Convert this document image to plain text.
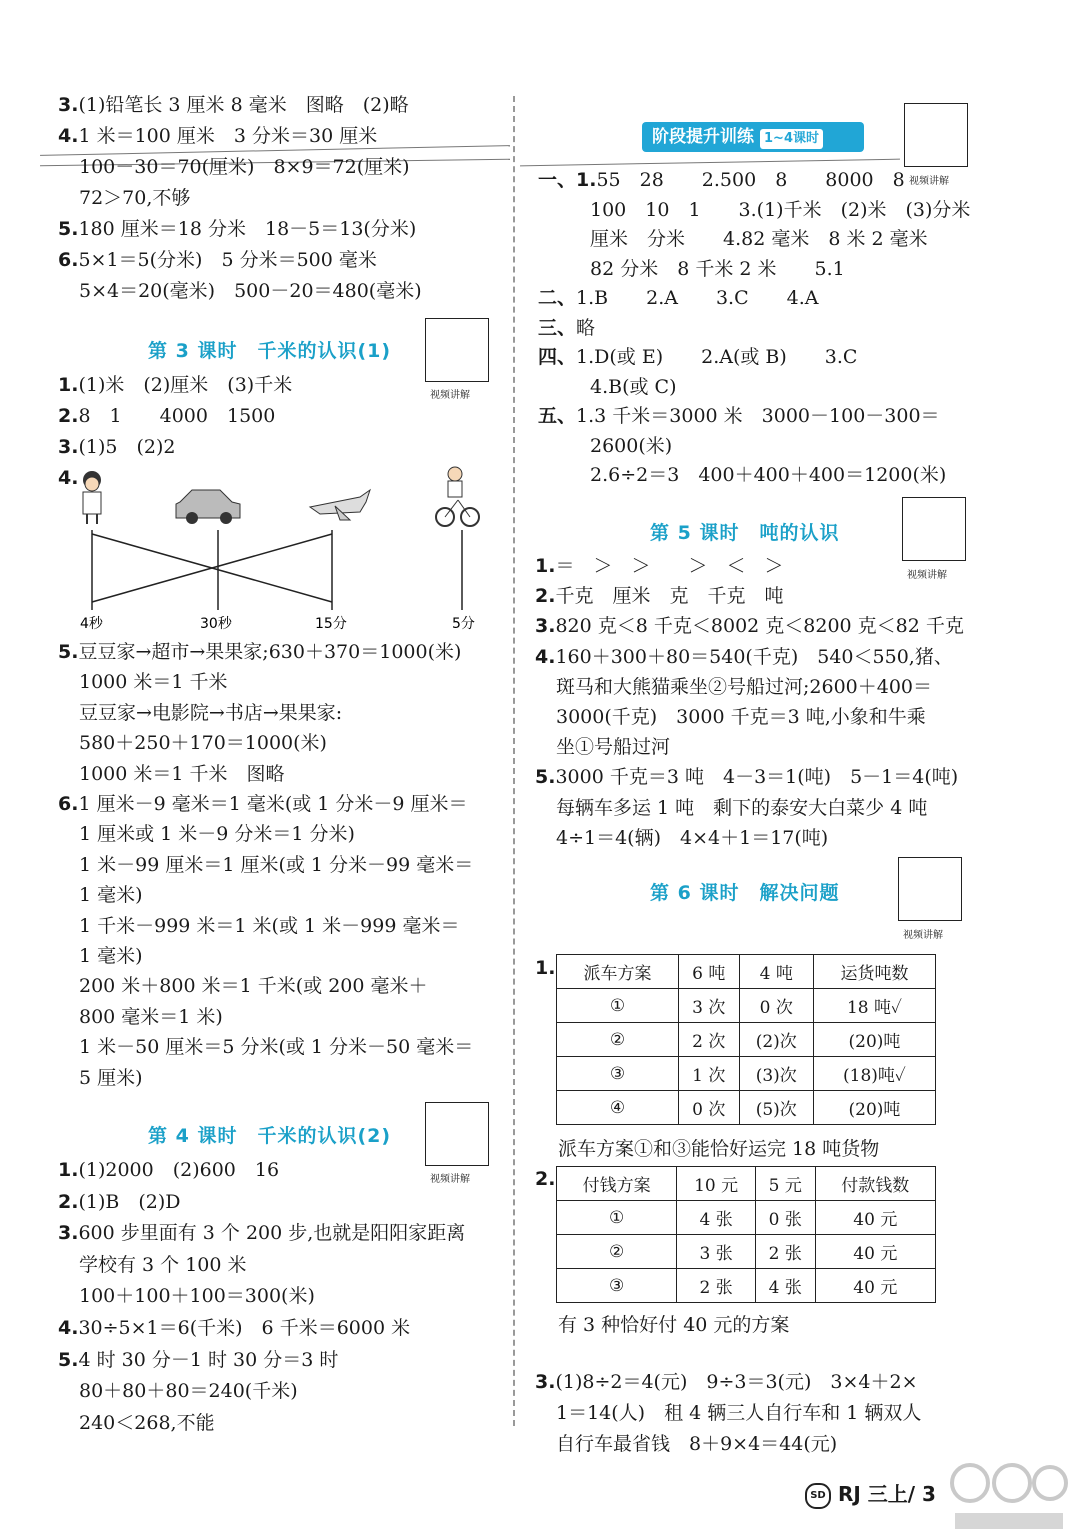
3.(1)铅笔长 3 厘米 8 毫米　图略　(2)略
4.1 米＝100 厘米　3 分米＝30 厘米
100－30＝70(厘米)　8×9＝72(厘米)
72＞70,不够
5.180 厘米＝18 分米　18－5＝13(分米)
6.5×1＝5(分米)　5 分米＝500 毫米
5×4＝20(毫米)　500－20＝480(毫米)
第 3 课时　千米的认识(1)
视频讲解
1.(1)米　(2)厘米　(3)千米
2.8　1　　4000　1500
3.(1)5　(2)2
4.
4秒	30秒	15分	5分
5.豆豆家→超市→果果家;630＋370＝1000(米)
1000 米＝1 千米
豆豆家→电影院→书店→果果家:
580＋250＋170＝1000(米)
1000 米＝1 千米　图略
6.1 厘米－9 毫米＝1 毫米(或 1 分米－9 厘米＝
1 厘米或 1 米－9 分米＝1 分米)
1 米－99 厘米＝1 厘米(或 1 分米－99 毫米＝
1 毫米)
1 千米－999 米＝1 米(或 1 米－999 毫米＝
1 毫米)
200 米＋800 米＝1 千米(或 200 毫米＋
800 毫米＝1 米)
1 米－50 厘米＝5 分米(或 1 分米－50 毫米＝
5 厘米)
第 4 课时　千米的认识(2)
视频讲解
1.(1)2000　(2)600　16
2.(1)B　(2)D
3.600 步里面有 3 个 200 步,也就是阳阳家距离
学校有 3 个 100 米
100＋100＋100＝300(米)
4.30÷5×1＝6(千米)　6 千米＝6000 米
5.4 时 30 分－1 时 30 分＝3 时
80＋80＋80＝240(千米)
240＜268,不能
阶段提升训练 1~4课时
视频讲解
一、1.55　28　　2.500　8　　8000　8
100　10　1　　3.(1)千米　(2)米　(3)分米
厘米　分米　　4.82 毫米　8 米 2 毫米
82 分米　8 千米 2 米　　5.1
二、1.B　　2.A　　3.C　　4.A
三、略
四、1.D(或 E)　　2.A(或 B)　　3.C
4.B(或 C)
五、1.3 千米＝3000 米　3000－100－300＝
2600(米)
2.6÷2＝3　400＋400＋400＝1200(米)
第 5 课时　吨的认识
视频讲解
1.＝　＞　＞　　＞　＜　＞
2.千克　厘米　克　千克　吨
3.820 克＜8 千克＜8002 克＜8200 克＜82 千克
4.160＋300＋80＝540(千克)　540＜550,猪、
斑马和大熊猫乘坐②号船过河;2600＋400＝
3000(千克)　3000 千克＝3 吨,小象和牛乘
坐①号船过河
5.3000 千克＝3 吨　4－3＝1(吨)　5－1＝4(吨)
每辆车多运 1 吨　剩下的泰安大白菜少 4 吨
4÷1＝4(辆)　4×4＋1＝17(吨)
第 6 课时　解决问题
视频讲解
1. 派车方案	6 吨	4 吨	运货吨数
①	3 次	0 次	18 吨✓
②	2 次	(2)次	(20)吨
③	1 次	(3)次	(18)吨✓
④	0 次	(5)次	(20)吨
派车方案①和③能恰好运完 18 吨货物
2. 付钱方案	10 元	5 元	付款钱数
①	4 张	0 张	40 元
②	3 张	2 张	40 元
③	2 张	4 张	40 元
有 3 种恰好付 40 元的方案
3.(1)8÷2＝4(元)　9÷3＝3(元)　3×4＋2×
1＝14(人)　租 4 辆三人自行车和 1 辆双人
自行车最省钱　8＋9×4＝44(元)
SD RJ 三上/ 3
